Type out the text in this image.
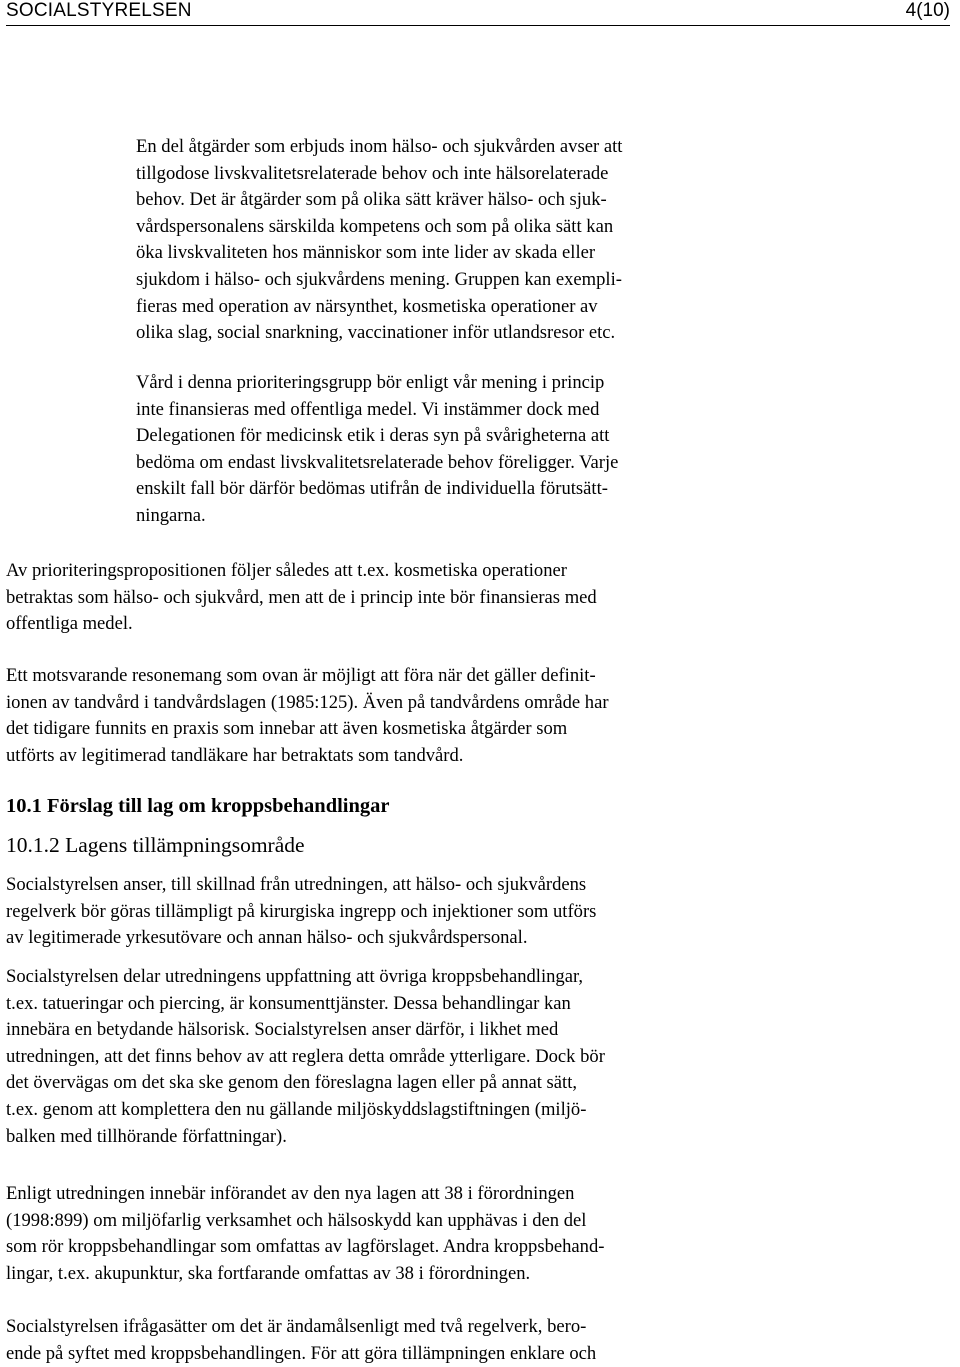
SOCIALSTYRELSEN	4(10)

En del åtgärder som erbjuds inom hälso- och sjukvården avser att
tillgodose livskvalitetsrelaterade behov och inte hälsorelaterade
behov. Det är åtgärder som på olika sätt kräver hälso- och sjuk-
vårdspersonalens särskilda kompetens och som på olika sätt kan
öka livskvaliteten hos människor som inte lider av skada eller
sjukdom i hälso- och sjukvårdens mening. Gruppen kan exempli-
fieras med operation av närsynthet, kosmetiska operationer av
olika slag, social snarkning, vaccinationer inför utlandsresor etc.

Vård i denna prioriteringsgrupp bör enligt vår mening i princip
inte finansieras med offentliga medel. Vi instämmer dock med
Delegationen för medicinsk etik i deras syn på svårigheterna att
bedöma om endast livskvalitetsrelaterade behov föreligger. Varje
enskilt fall bör därför bedömas utifrån de individuella förutsätt-
ningarna.

Av prioriteringspropositionen följer således att t.ex. kosmetiska operationer
betraktas som hälso- och sjukvård, men att de i princip inte bör finansieras med
offentliga medel.

Ett motsvarande resonemang som ovan är möjligt att föra när det gäller definit-
ionen av tandvård i tandvårdslagen (1985:125). Även på tandvårdens område har
det tidigare funnits en praxis som innebar att även kosmetiska åtgärder som
utförts av legitimerad tandläkare har betraktats som tandvård.

10.1 Förslag till lag om kroppsbehandlingar
10.1.2 Lagens tillämpningsområde

Socialstyrelsen anser, till skillnad från utredningen, att hälso- och sjukvårdens
regelverk bör göras tillämpligt på kirurgiska ingrepp och injektioner som utförs
av legitimerade yrkesutövare och annan hälso- och sjukvårdspersonal.

Socialstyrelsen delar utredningens uppfattning att övriga kroppsbehandlingar,
t.ex. tatueringar och piercing, är konsumenttjänster. Dessa behandlingar kan
innebära en betydande hälsorisk. Socialstyrelsen anser därför, i likhet med
utredningen, att det finns behov av att reglera detta område ytterligare. Dock bör
det övervägas om det ska ske genom den föreslagna lagen eller på annat sätt,
t.ex. genom att komplettera den nu gällande miljöskyddslagstiftningen (miljö-
balken med tillhörande författningar).

Enligt utredningen innebär införandet av den nya lagen att 38 i förordningen
(1998:899) om miljöfarlig verksamhet och hälsoskydd kan upphävas i den del
som rör kroppsbehandlingar som omfattas av lagförslaget. Andra kroppsbehand-
lingar, t.ex. akupunktur, ska fortfarande omfattas av 38 i förordningen.

Socialstyrelsen ifrågasätter om det är ändamålsenligt med två regelverk, bero-
ende på syftet med kroppsbehandlingen. För att göra tillämpningen enklare och
